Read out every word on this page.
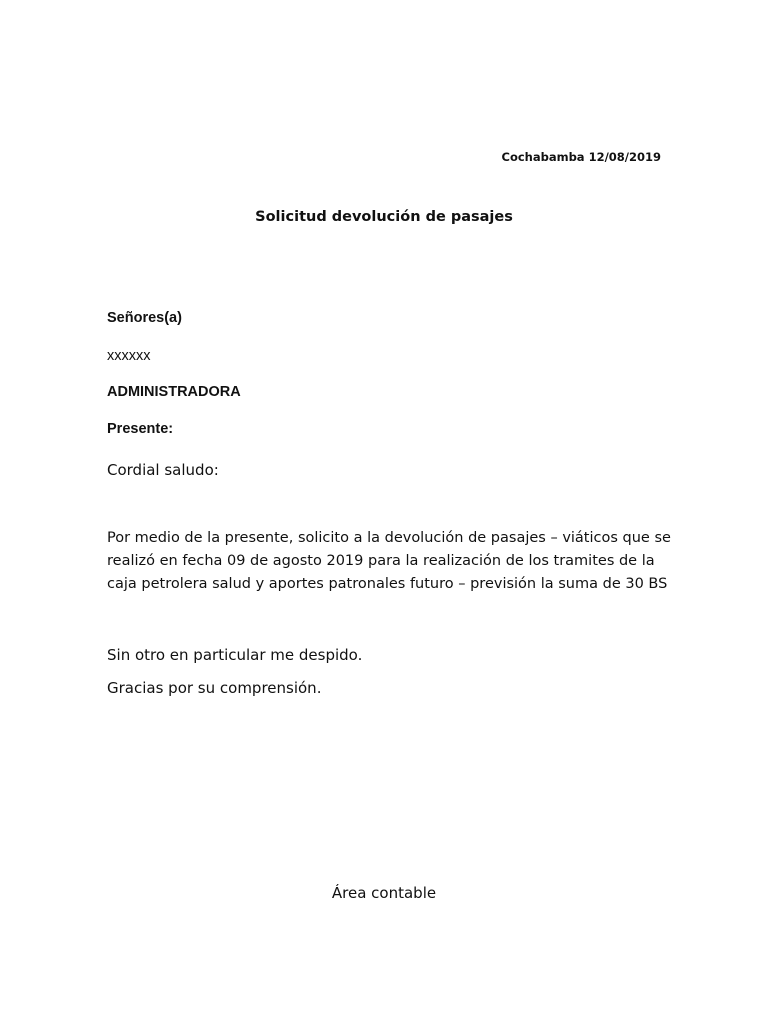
Cochabamba 12/08/2019

Solicitud devolución de pasajes

Señores(a)

xxxxxx

ADMINISTRADORA

Presente:

Cordial saludo:

Por medio de la presente, solicito a la devolución de pasajes – viáticos que se
realizó en fecha 09 de agosto 2019 para la realización de los tramites de la
caja petrolera salud y aportes patronales futuro – previsión la suma de 30 BS

Sin otro en particular me despido.

Gracias por su comprensión.

Área contable
